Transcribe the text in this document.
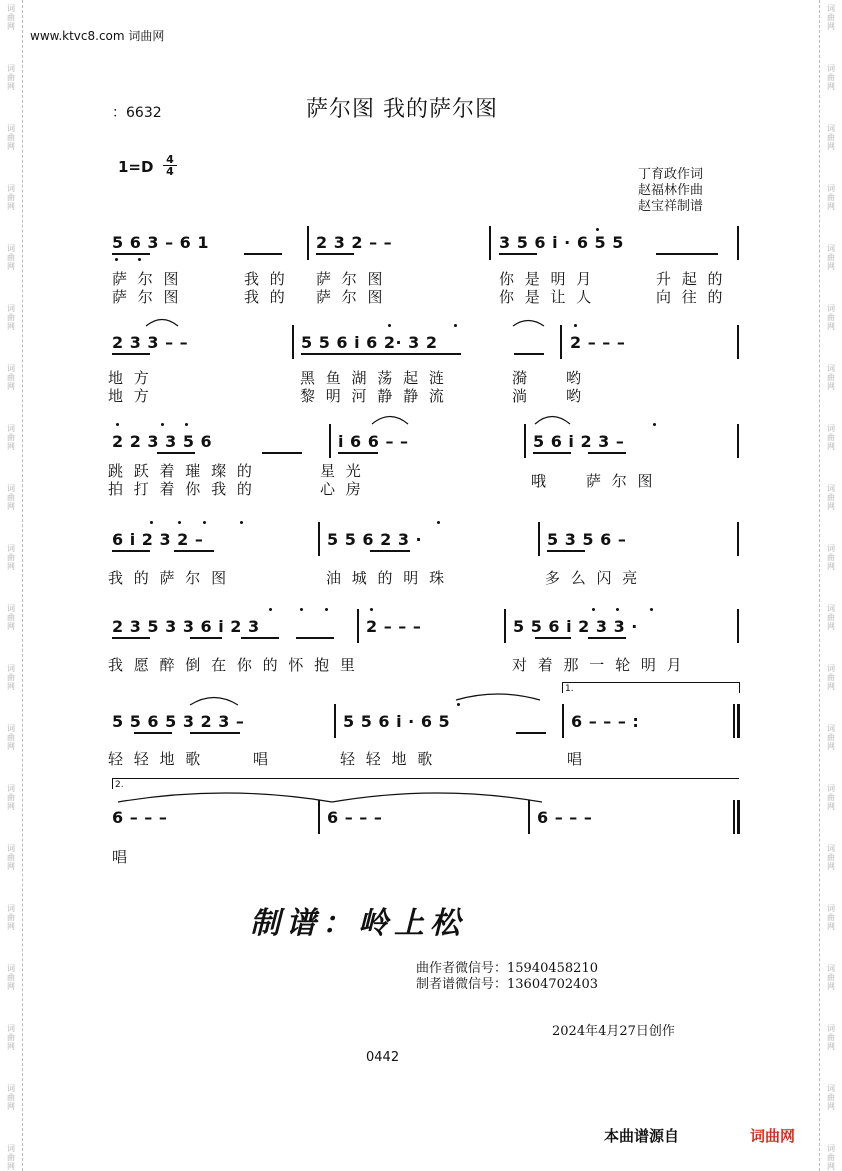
词
曲
网
词
曲
网
词
曲
网
词
曲
网
词
曲
网
词
曲
网
词
曲
网
词
曲
网
词
曲
网
词
曲
网
词
曲
网
词
曲
网
词
曲
网
词
曲
网
词
曲
网
词
曲
网
词
曲
网
词
曲
网
词
曲
网
词
曲
网
词
曲
网
词
曲
网
词
曲
网
词
曲
网
词
曲
网
词
曲
网
词
曲
网
词
曲
网
词
曲
网
词
曲
网
词
曲
网
词
曲
网
词
曲
网
词
曲
网
词
曲
网
词
曲
网
词
曲
网
词
曲
网
词
曲
网
词
曲
网
www.ktvc8.com 词曲网
：6632	萨尔图 我的萨尔图
1=D 4
4	丁育政作词
赵福林作曲
赵宝祥制谱
5 6 3 – 6 1	2 3 2 – –	3 5 6 i · 6 5 5
萨 尔 图	我 的 萨 尔 图	你 是 明 月	升 起 的
萨 尔 图	我 的 萨 尔 图	你 是 让 人	向 往 的
2 3 3 – –	5 5 6 i 6 2· 3 2	2 – – –
地 方	黑 鱼 湖 荡 起 涟	漪	哟
地 方	黎 明 河 静 静 流	淌	哟
2 2 3 3 5 6	i 6 6 – –	5 6 i 2 3 –
跳 跃 着 璀 璨 的	星 光
哦	萨 尔 图
拍 打 着 你 我 的	心 房
6 i 2 3 2 –	5 5 6 2 3 ·	5 3 5 6 –
我 的 萨 尔 图	油 城 的 明 珠	多 么 闪 亮
2 3 5 3 3 6 i 2 3	2 – – –	5 5 6 i 2 3 3 ·
我 愿 醉 倒 在 你 的 怀 抱 里	对 着 那 一 轮 明 月
1.
5 5 6 5 3 2 3 –	5 5 6 i · 6 5	6 – – – :
轻 轻 地 歌	唱	轻 轻 地 歌	唱
2.
6 – – –	6 – – –	6 – – –
唱
制谱：岭上松
曲作者微信号：15940458210
制者谱微信号：13604702403
2024年4月27日创作
0442
本曲谱源自	词曲网
